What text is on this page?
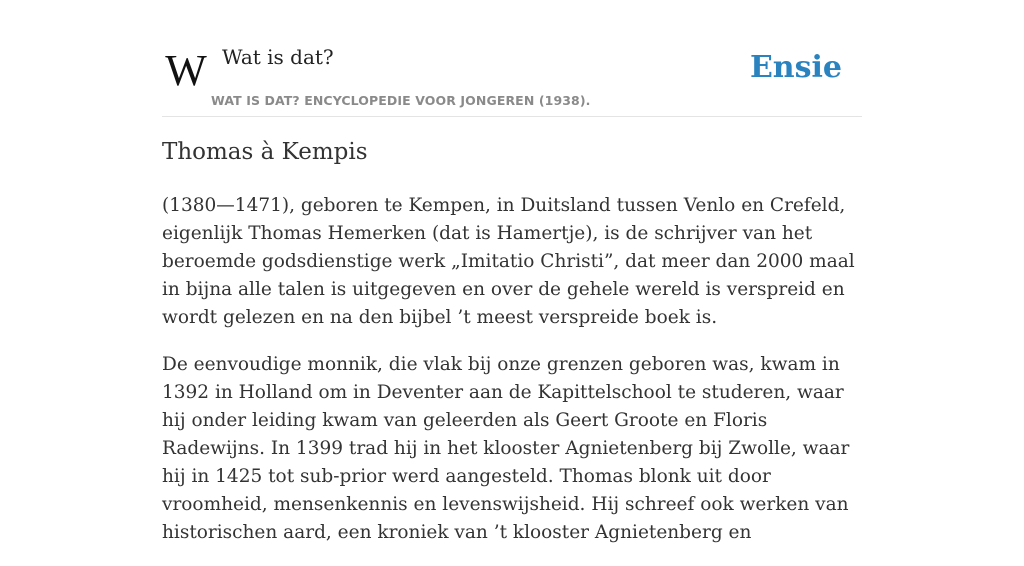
W Wat is dat?
WAT IS DAT? ENCYCLOPEDIE VOOR JONGEREN (1938).
Ensie
Thomas à Kempis

(1380—1471), geboren te Kempen, in Duitsland tussen Venlo en Crefeld, eigenlijk Thomas Hemerken (dat is Hamertje), is de schrijver van het beroemde godsdienstige werk „Imitatio Christi”, dat meer dan 2000 maal in bijna alle talen is uitgegeven en over de gehele wereld is verspreid en wordt gelezen en na den bijbel ’t meest verspreide boek is.

De eenvoudige monnik, die vlak bij onze grenzen geboren was, kwam in 1392 in Holland om in Deventer aan de Kapittelschool te studeren, waar hij onder leiding kwam van geleerden als Geert Groote en Floris Radewijns. In 1399 trad hij in het klooster Agnietenberg bij Zwolle, waar hij in 1425 tot sub-prior werd aangesteld. Thomas blonk uit door vroomheid, mensenkennis en levenswijsheid. Hij schreef ook werken van historischen aard, een kroniek van ’t klooster Agnietenberg en
